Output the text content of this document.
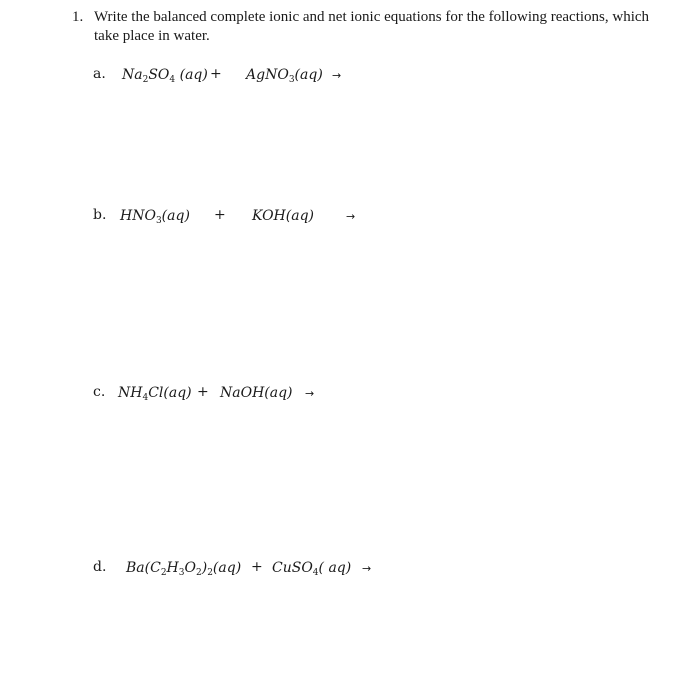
1. Write the balanced complete ionic and net ionic equations for the following reactions, which take place in water.
a. $Na_2SO_4$ (aq) + AgNO$_3$(aq) →
b. $HNO_3(aq) + KOH(aq)$	→
c. $NH_4Cl(aq)$ + NaOH(aq) →
d. $Ba(C_2H_3O_2)_2(aq)$ + CuSO$_4$( aq) →
